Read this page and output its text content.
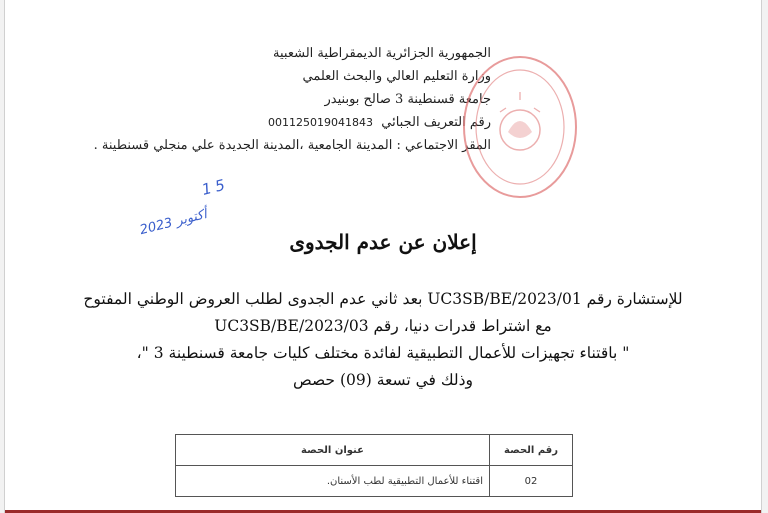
الجمهورية الجزائرية الديمقراطية الشعبية
وزارة التعليم العالي والبحث العلمي
جامعة قسنطينة 3 صالح بوبنيدر
رقم التعريف الجبائي  001125019041843
المقر الاجتماعي : المدينة الجامعية ،المدينة الجديدة علي منجلي قسنطينة .
15
2023 أكتوبر
إعلان عن عدم الجدوى

للإستشارة رقم 01/UC3SB/BE/2023 بعد ثاني عدم الجدوى لطلب العروض الوطني المفتوح

مع اشتراط قدرات دنيا، رقم 03/UC3SB/BE/2023

" باقتناء تجهيزات للأعمال التطبيقية لفائدة مختلف كليات جامعة قسنطينة 3 "،

وذلك في تسعة (09) حصص

رقم الحصة	عنوان الحصة
02	اقتناء للأعمال التطبيقية لطب الأسنان.
